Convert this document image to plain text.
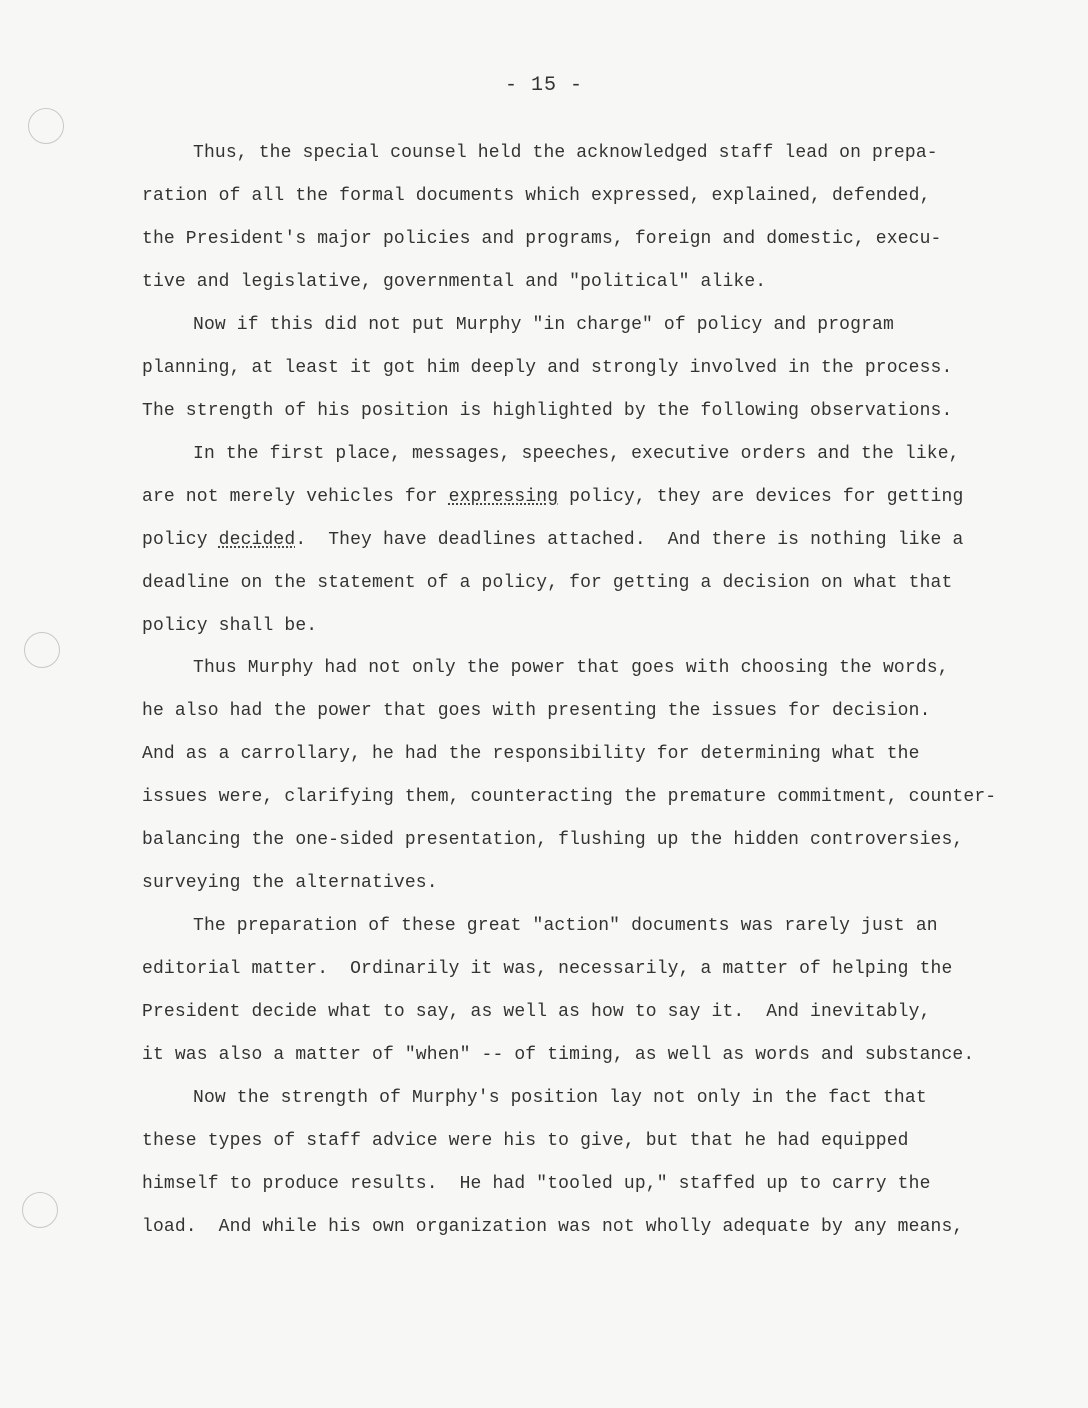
- 15 -
Thus, the special counsel held the acknowledged staff lead on prepa-
ration of all the formal documents which expressed, explained, defended,
the President's major policies and programs, foreign and domestic, execu-
tive and legislative, governmental and "political" alike.
Now if this did not put Murphy "in charge" of policy and program
planning, at least it got him deeply and strongly involved in the process.
The strength of his position is highlighted by the following observations.
In the first place, messages, speeches, executive orders and the like,
are not merely vehicles for expressing policy, they are devices for getting
policy decided.  They have deadlines attached.  And there is nothing like a
deadline on the statement of a policy, for getting a decision on what that
policy shall be.
Thus Murphy had not only the power that goes with choosing the words,
he also had the power that goes with presenting the issues for decision.
And as a carrollary, he had the responsibility for determining what the
issues were, clarifying them, counteracting the premature commitment, counter-
balancing the one-sided presentation, flushing up the hidden controversies,
surveying the alternatives.
The preparation of these great "action" documents was rarely just an
editorial matter.  Ordinarily it was, necessarily, a matter of helping the
President decide what to say, as well as how to say it.  And inevitably,
it was also a matter of "when" -- of timing, as well as words and substance.
Now the strength of Murphy's position lay not only in the fact that
these types of staff advice were his to give, but that he had equipped
himself to produce results.  He had "tooled up," staffed up to carry the
load.  And while his own organization was not wholly adequate by any means,
